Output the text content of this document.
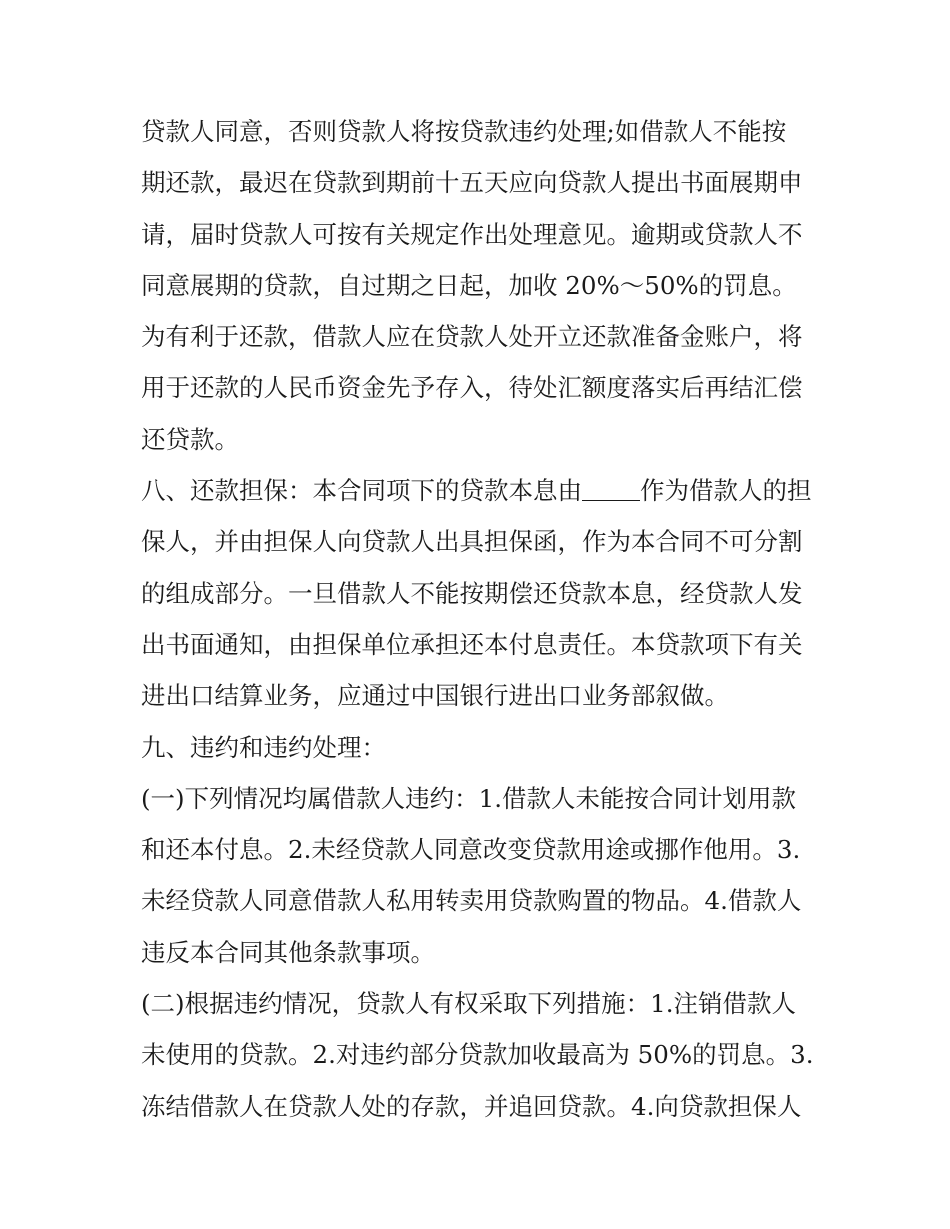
贷款人同意，否则贷款人将按贷款违约处理;如借款人不能按
期还款，最迟在贷款到期前十五天应向贷款人提出书面展期申
请，届时贷款人可按有关规定作出处理意见。逾期或贷款人不
同意展期的贷款，自过期之日起，加收 20%～50%的罚息。
为有利于还款，借款人应在贷款人处开立还款准备金账户，将
用于还款的人民币资金先予存入，待处汇额度落实后再结汇偿
还贷款。
八、还款担保：本合同项下的贷款本息由 作为借款人的担
保人，并由担保人向贷款人出具担保函，作为本合同不可分割
的组成部分。一旦借款人不能按期偿还贷款本息，经贷款人发
出书面通知，由担保单位承担还本付息责任。本贷款项下有关
进出口结算业务，应通过中国银行进出口业务部叙做。
九、违约和违约处理：
(一)下列情况均属借款人违约：1.借款人未能按合同计划用款
和还本付息。2.未经贷款人同意改变贷款用途或挪作他用。3.
未经贷款人同意借款人私用转卖用贷款购置的物品。4.借款人
违反本合同其他条款事项。
(二)根据违约情况，贷款人有权采取下列措施：1.注销借款人
未使用的贷款。2.对违约部分贷款加收最高为 50%的罚息。3.
冻结借款人在贷款人处的存款，并追回贷款。4.向贷款担保人
